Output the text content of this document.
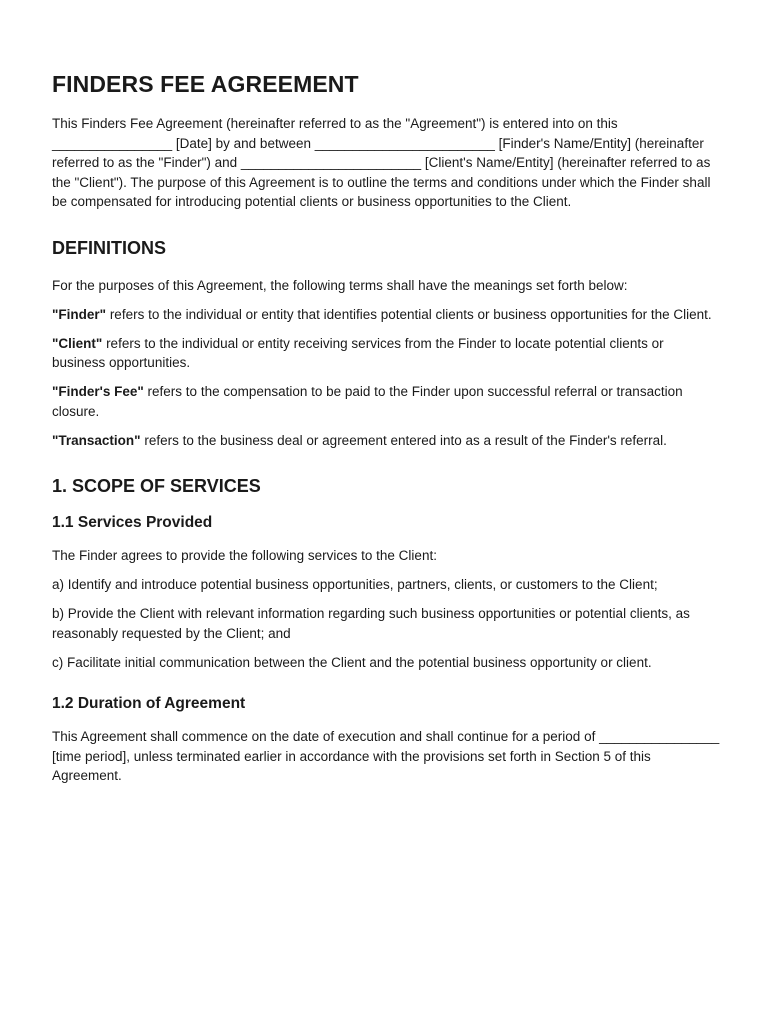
FINDERS FEE AGREEMENT

This Finders Fee Agreement (hereinafter referred to as the "Agreement") is entered into on this ________________ [Date] by and between ________________________ [Finder's Name/Entity] (hereinafter referred to as the "Finder") and ________________________ [Client's Name/Entity] (hereinafter referred to as the "Client"). The purpose of this Agreement is to outline the terms and conditions under which the Finder shall be compensated for introducing potential clients or business opportunities to the Client.

DEFINITIONS

For the purposes of this Agreement, the following terms shall have the meanings set forth below:

"Finder" refers to the individual or entity that identifies potential clients or business opportunities for the Client.

"Client" refers to the individual or entity receiving services from the Finder to locate potential clients or business opportunities.

"Finder's Fee" refers to the compensation to be paid to the Finder upon successful referral or transaction closure.

"Transaction" refers to the business deal or agreement entered into as a result of the Finder's referral.

1. SCOPE OF SERVICES
1.1 Services Provided

The Finder agrees to provide the following services to the Client:

a) Identify and introduce potential business opportunities, partners, clients, or customers to the Client;

b) Provide the Client with relevant information regarding such business opportunities or potential clients, as reasonably requested by the Client; and

c) Facilitate initial communication between the Client and the potential business opportunity or client.

1.2 Duration of Agreement

This Agreement shall commence on the date of execution and shall continue for a period of ________________ [time period], unless terminated earlier in accordance with the provisions set forth in Section 5 of this Agreement.
